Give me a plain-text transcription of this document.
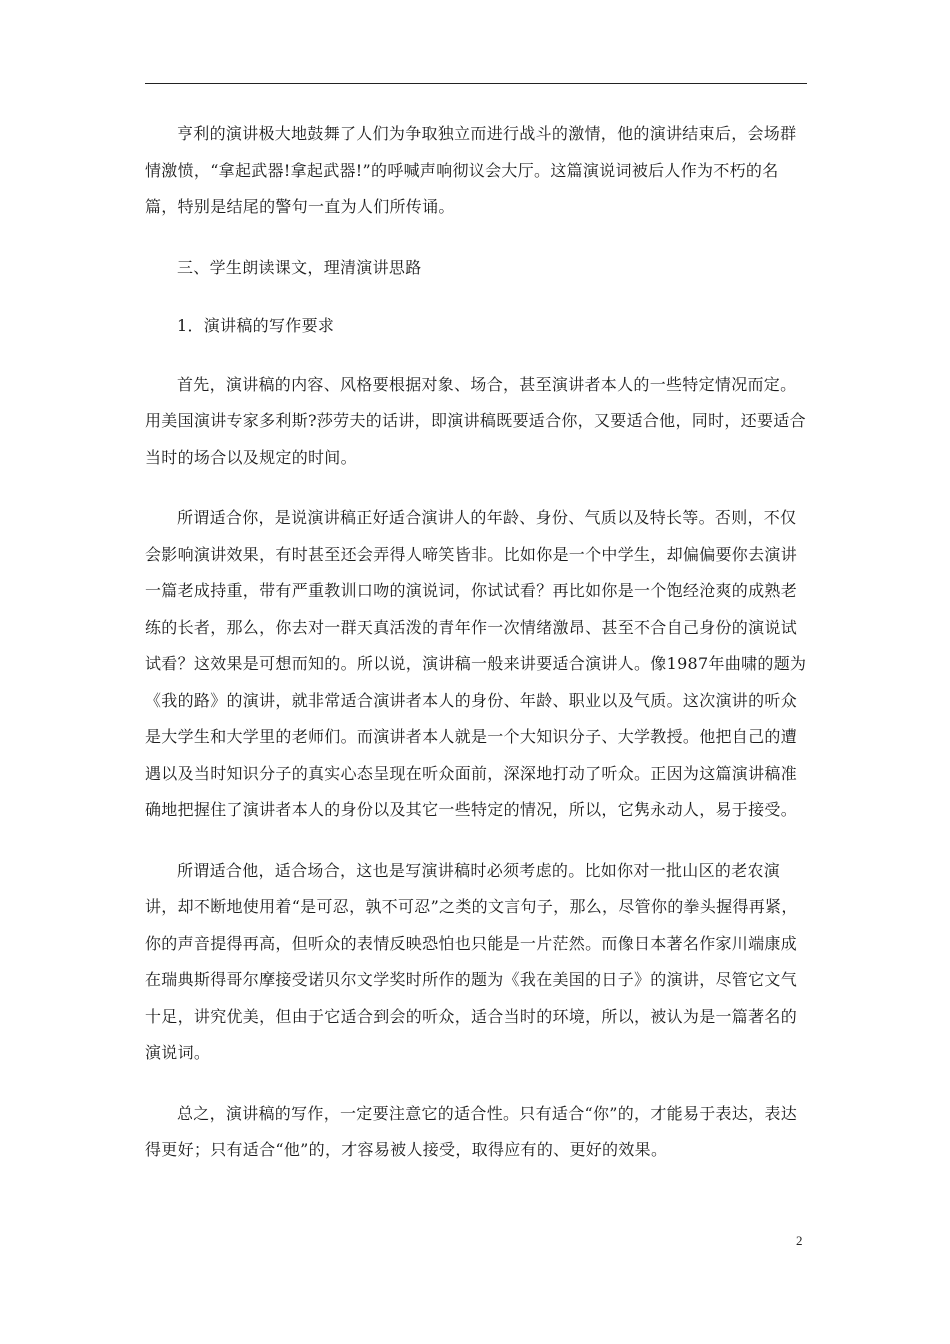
亨利的演讲极大地鼓舞了人们为争取独立而进行战斗的激情，他的演讲结束后，会场群情激愤，“拿起武器!拿起武器!”的呼喊声响彻议会大厅。这篇演说词被后人作为不朽的名篇，特别是结尾的警句一直为人们所传诵。

三、学生朗读课文，理清演讲思路

1．演讲稿的写作要求

首先，演讲稿的内容、风格要根据对象、场合，甚至演讲者本人的一些特定情况而定。用美国演讲专家多利斯?莎劳夫的话讲，即演讲稿既要适合你，又要适合他，同时，还要适合当时的场合以及规定的时间。

所谓适合你，是说演讲稿正好适合演讲人的年龄、身份、气质以及特长等。否则，不仅会影响演讲效果，有时甚至还会弄得人啼笑皆非。比如你是一个中学生，却偏偏要你去演讲一篇老成持重，带有严重教训口吻的演说词，你试试看？再比如你是一个饱经沧爽的成熟老练的长者，那么，你去对一群天真活泼的青年作一次情绪激昂、甚至不合自己身份的演说试试看？这效果是可想而知的。所以说，演讲稿一般来讲要适合演讲人。像1987年曲啸的题为《我的路》的演讲，就非常适合演讲者本人的身份、年龄、职业以及气质。这次演讲的听众是大学生和大学里的老师们。而演讲者本人就是一个大知识分子、大学教授。他把自己的遭遇以及当时知识分子的真实心态呈现在听众面前，深深地打动了听众。正因为这篇演讲稿准确地把握住了演讲者本人的身份以及其它一些特定的情况，所以，它隽永动人，易于接受。

所谓适合他，适合场合，这也是写演讲稿时必须考虑的。比如你对一批山区的老农演讲，却不断地使用着“是可忍，孰不可忍”之类的文言句子，那么，尽管你的拳头握得再紧，你的声音提得再高，但听众的表情反映恐怕也只能是一片茫然。而像日本著名作家川端康成在瑞典斯得哥尔摩接受诺贝尔文学奖时所作的题为《我在美国的日子》的演讲，尽管它文气十足，讲究优美，但由于它适合到会的听众，适合当时的环境，所以，被认为是一篇著名的演说词。

总之，演讲稿的写作，一定要注意它的适合性。只有适合“你”的，才能易于表达，表达得更好；只有适合“他”的，才容易被人接受，取得应有的、更好的效果。

2
